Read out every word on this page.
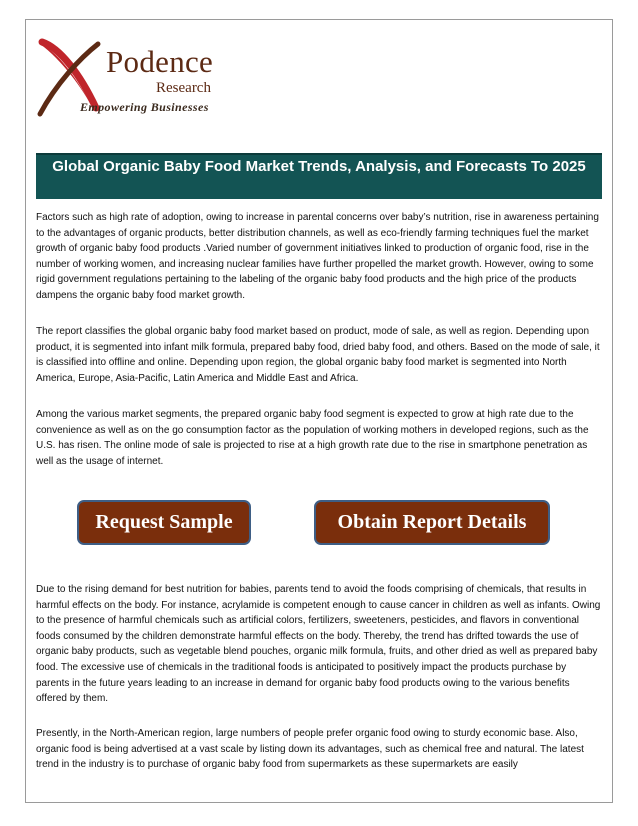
Podence
Research
Empowering Businesses
Global Organic Baby Food Market Trends, Analysis, and Forecasts To 2025

Factors such as high rate of adoption, owing to increase in parental concerns over baby’s nutrition, rise in awareness pertaining to the advantages of organic products, better distribution channels, as well as eco-friendly farming techniques fuel the market growth of organic baby food products .Varied number of government initiatives linked to production of organic food, rise in the number of working women, and increasing nuclear families have further propelled the market growth. However, owing to some rigid government regulations pertaining to the labeling of the organic baby food products and the high price of the products dampens the organic baby food market growth.

The report classifies the global organic baby food market based on product, mode of sale, as well as region. Depending upon product, it is segmented into infant milk formula, prepared baby food, dried baby food, and others. Based on the mode of sale, it is classified into offline and online. Depending upon region, the global organic baby food market is segmented into North America, Europe, Asia-Pacific, Latin America and Middle East and Africa.

Among the various market segments, the prepared organic baby food segment is expected to grow at high rate due to the convenience as well as on the go consumption factor as the population of working mothers in developed regions, such as the U.S. has risen. The online mode of sale is projected to rise at a high growth rate due to the rise in smartphone penetration as well as the usage of internet.

Request Sample	Obtain Report Details

Due to the rising demand for best nutrition for babies, parents tend to avoid the foods comprising of chemicals, that results in harmful effects on the body. For instance, acrylamide is competent enough to cause cancer in children as well as infants. Owing to the presence of harmful chemicals such as artificial colors, fertilizers, sweeteners, pesticides, and flavors in conventional foods consumed by the children demonstrate harmful effects on the body. Thereby, the trend has drifted towards the use of organic baby products, such as vegetable blend pouches, organic milk formula, fruits, and other dried as well as prepared baby food. The excessive use of chemicals in the traditional foods is anticipated to positively impact the products purchase by parents in the future years leading to an increase in demand for organic baby food products owing to the various benefits offered by them.

Presently, in the North-American region, large numbers of people prefer organic food owing to sturdy economic base. Also, organic food is being advertised at a vast scale by listing down its advantages, such as chemical free and natural. The latest trend in the industry is to purchase of organic baby food from supermarkets as these supermarkets are easily
